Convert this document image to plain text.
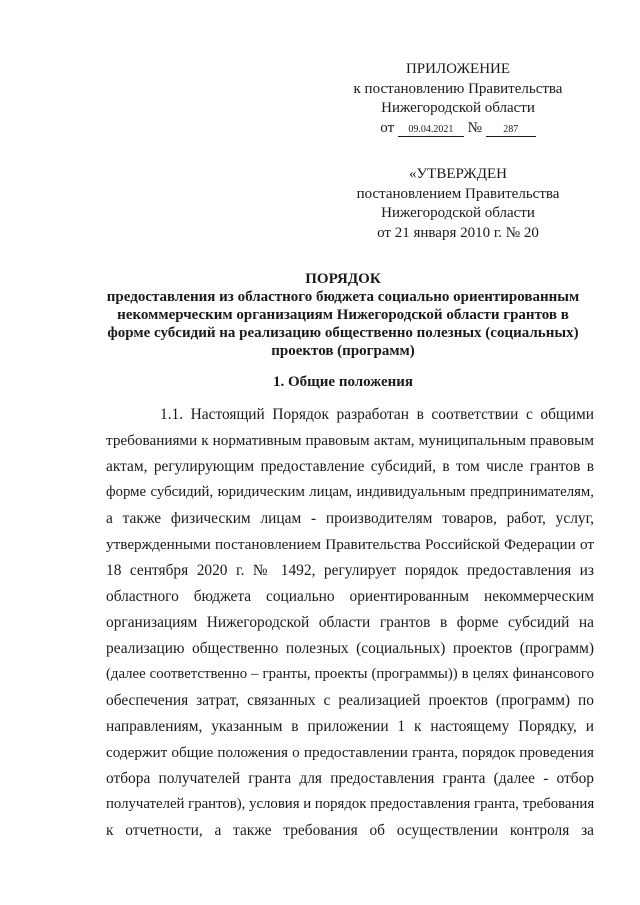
ПРИЛОЖЕНИЕ
к постановлению Правительства
Нижегородской области
от 09.04.2021 № 287
«УТВЕРЖДЕН
постановлением Правительства
Нижегородской области
от 21 января 2010 г. № 20
ПОРЯДОК
предоставления из областного бюджета социально ориентированным
некоммерческим организациям Нижегородской области грантов в
форме субсидий на реализацию общественно полезных (социальных)
проектов (программ)
1. Общие положения
1.1. Настоящий Порядок разработан в соответствии с общими
требованиями к нормативным правовым актам, муниципальным правовым
актам, регулирующим предоставление субсидий, в том числе грантов в
форме субсидий, юридическим лицам, индивидуальным предпринимателям,
а также физическим лицам - производителям товаров, работ, услуг,
утвержденными постановлением Правительства Российской Федерации от
18 сентября 2020 г. № 1492, регулирует порядок предоставления из
областного бюджета социально ориентированным некоммерческим
организациям Нижегородской области грантов в форме субсидий на
реализацию общественно полезных (социальных) проектов (программ)
(далее соответственно – гранты, проекты (программы)) в целях финансового
обеспечения затрат, связанных с реализацией проектов (программ) по
направлениям, указанным в приложении 1 к настоящему Порядку, и
содержит общие положения о предоставлении гранта, порядок проведения
отбора получателей гранта для предоставления гранта (далее - отбор
получателей грантов), условия и порядок предоставления гранта, требования
к отчетности, а также требования об осуществлении контроля за
